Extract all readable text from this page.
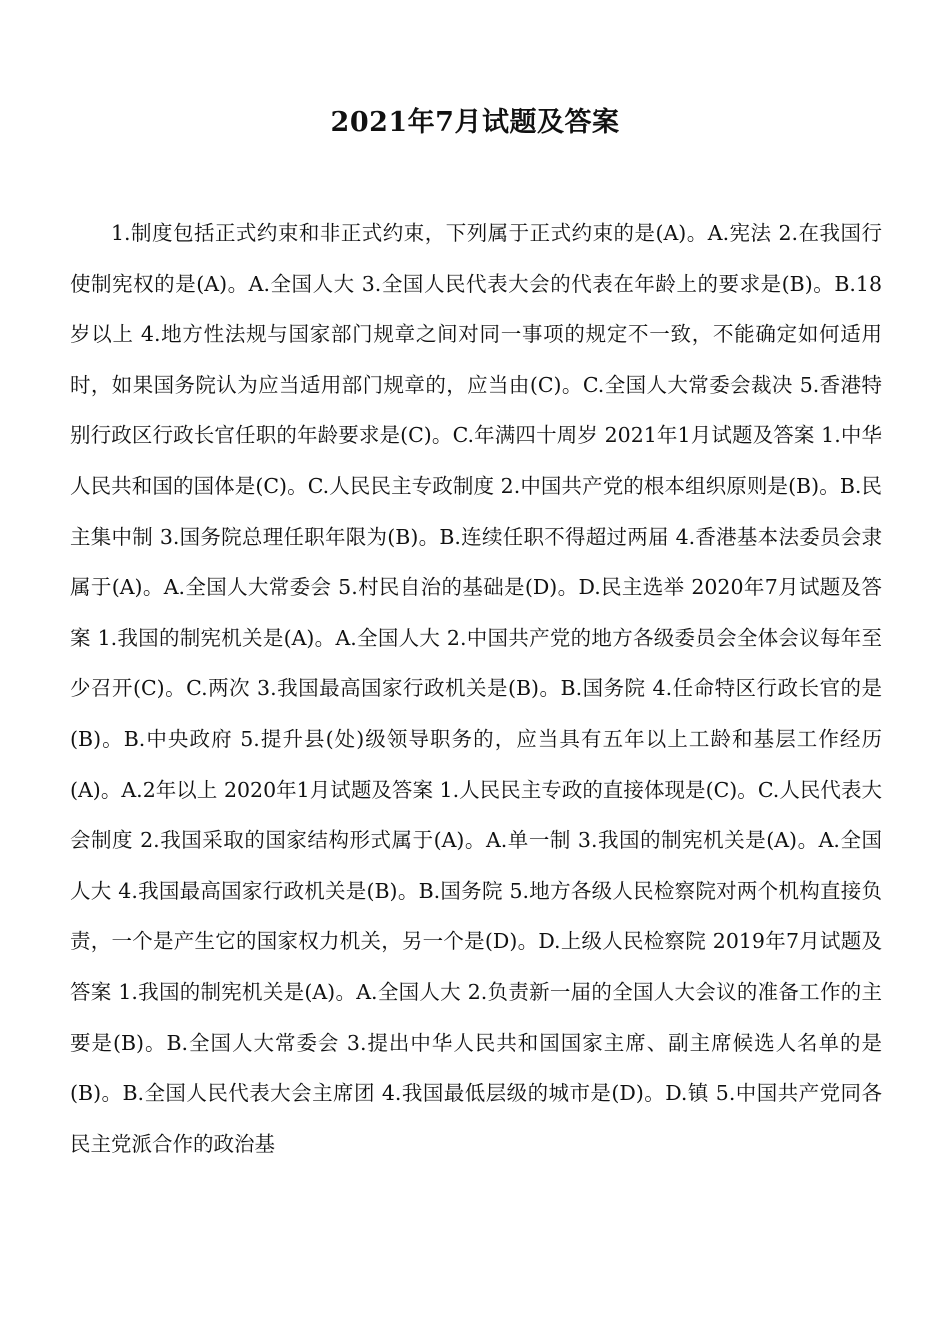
2021年7月试题及答案

1.制度包括正式约束和非正式约束，下列属于正式约束的是(A)。A.宪法 2.在我国行使制宪权的是(A)。A.全国人大 3.全国人民代表大会的代表在年龄上的要求是(B)。B.18岁以上 4.地方性法规与国家部门规章之间对同一事项的规定不一致，不能确定如何适用时，如果国务院认为应当适用部门规章的，应当由(C)。C.全国人大常委会裁决 5.香港特别行政区行政长官任职的年龄要求是(C)。C.年满四十周岁 2021年1月试题及答案 1.中华人民共和国的国体是(C)。C.人民民主专政制度 2.中国共产党的根本组织原则是(B)。B.民主集中制 3.国务院总理任职年限为(B)。B.连续任职不得超过两届 4.香港基本法委员会隶属于(A)。A.全国人大常委会 5.村民自治的基础是(D)。D.民主选举 2020年7月试题及答案 1.我国的制宪机关是(A)。A.全国人大 2.中国共产党的地方各级委员会全体会议每年至少召开(C)。C.两次 3.我国最高国家行政机关是(B)。B.国务院 4.任命特区行政长官的是(B)。B.中央政府 5.提升县(处)级领导职务的，应当具有五年以上工龄和基层工作经历(A)。A.2年以上 2020年1月试题及答案 1.人民民主专政的直接体现是(C)。C.人民代表大会制度 2.我国采取的国家结构形式属于(A)。A.单一制 3.我国的制宪机关是(A)。A.全国人大 4.我国最高国家行政机关是(B)。B.国务院 5.地方各级人民检察院对两个机构直接负责，一个是产生它的国家权力机关，另一个是(D)。D.上级人民检察院 2019年7月试题及答案 1.我国的制宪机关是(A)。A.全国人大 2.负责新一届的全国人大会议的准备工作的主要是(B)。B.全国人大常委会 3.提出中华人民共和国国家主席、副主席候选人名单的是(B)。B.全国人民代表大会主席团 4.我国最低层级的城市是(D)。D.镇 5.中国共产党同各民主党派合作的政治基
